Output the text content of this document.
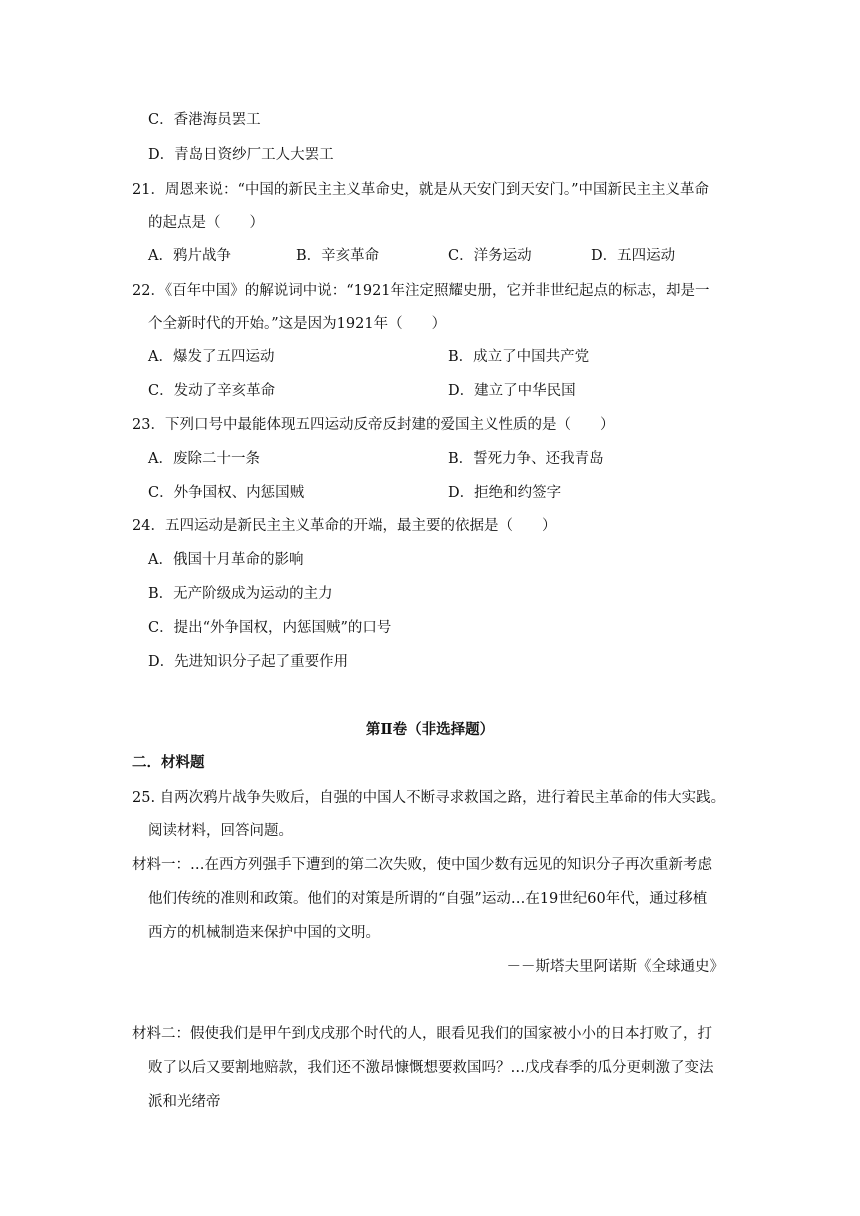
C．香港海员罢工
D．青岛日资纱厂工人大罢工
21．周恩来说：“中国的新民主主义革命史，就是从天安门到天安门。”中国新民主主义革命
的起点是（　　）
A．鸦片战争	B．辛亥革命	C．洋务运动	D．五四运动
22．《百年中国》的解说词中说：“1921年注定照耀史册，它并非世纪起点的标志，却是一
个全新时代的开始。”这是因为1921年（　　）
A．爆发了五四运动	B．成立了中国共产党
C．发动了辛亥革命	D．建立了中华民国
23．下列口号中最能体现五四运动反帝反封建的爱国主义性质的是（　　）
A．废除二十一条	B．誓死力争、还我青岛
C．外争国权、内惩国贼	D．拒绝和约签字
24．五四运动是新民主主义革命的开端，最主要的依据是（　　）
A．俄国十月革命的影响
B．无产阶级成为运动的主力
C．提出“外争国权，内惩国贼”的口号
D．先进知识分子起了重要作用
第Ⅱ卷（非选择题）
二．材料题
25. 自两次鸦片战争失败后，自强的中国人不断寻求救国之路，进行着民主革命的伟大实践。
阅读材料，回答问题。
材料一：…在西方列强手下遭到的第二次失败，使中国少数有远见的知识分子再次重新考虑
他们传统的准则和政策。他们的对策是所谓的“自强”运动…在19世纪60年代，通过移植
西方的机械制造来保护中国的文明。
－－斯塔夫里阿诺斯《全球通史》
材料二：假使我们是甲午到戊戌那个时代的人，眼看见我们的国家被小小的日本打败了，打
败了以后又要割地赔款，我们还不激昂慷慨想要救国吗？…戊戌春季的瓜分更刺激了变法
派和光绪帝
